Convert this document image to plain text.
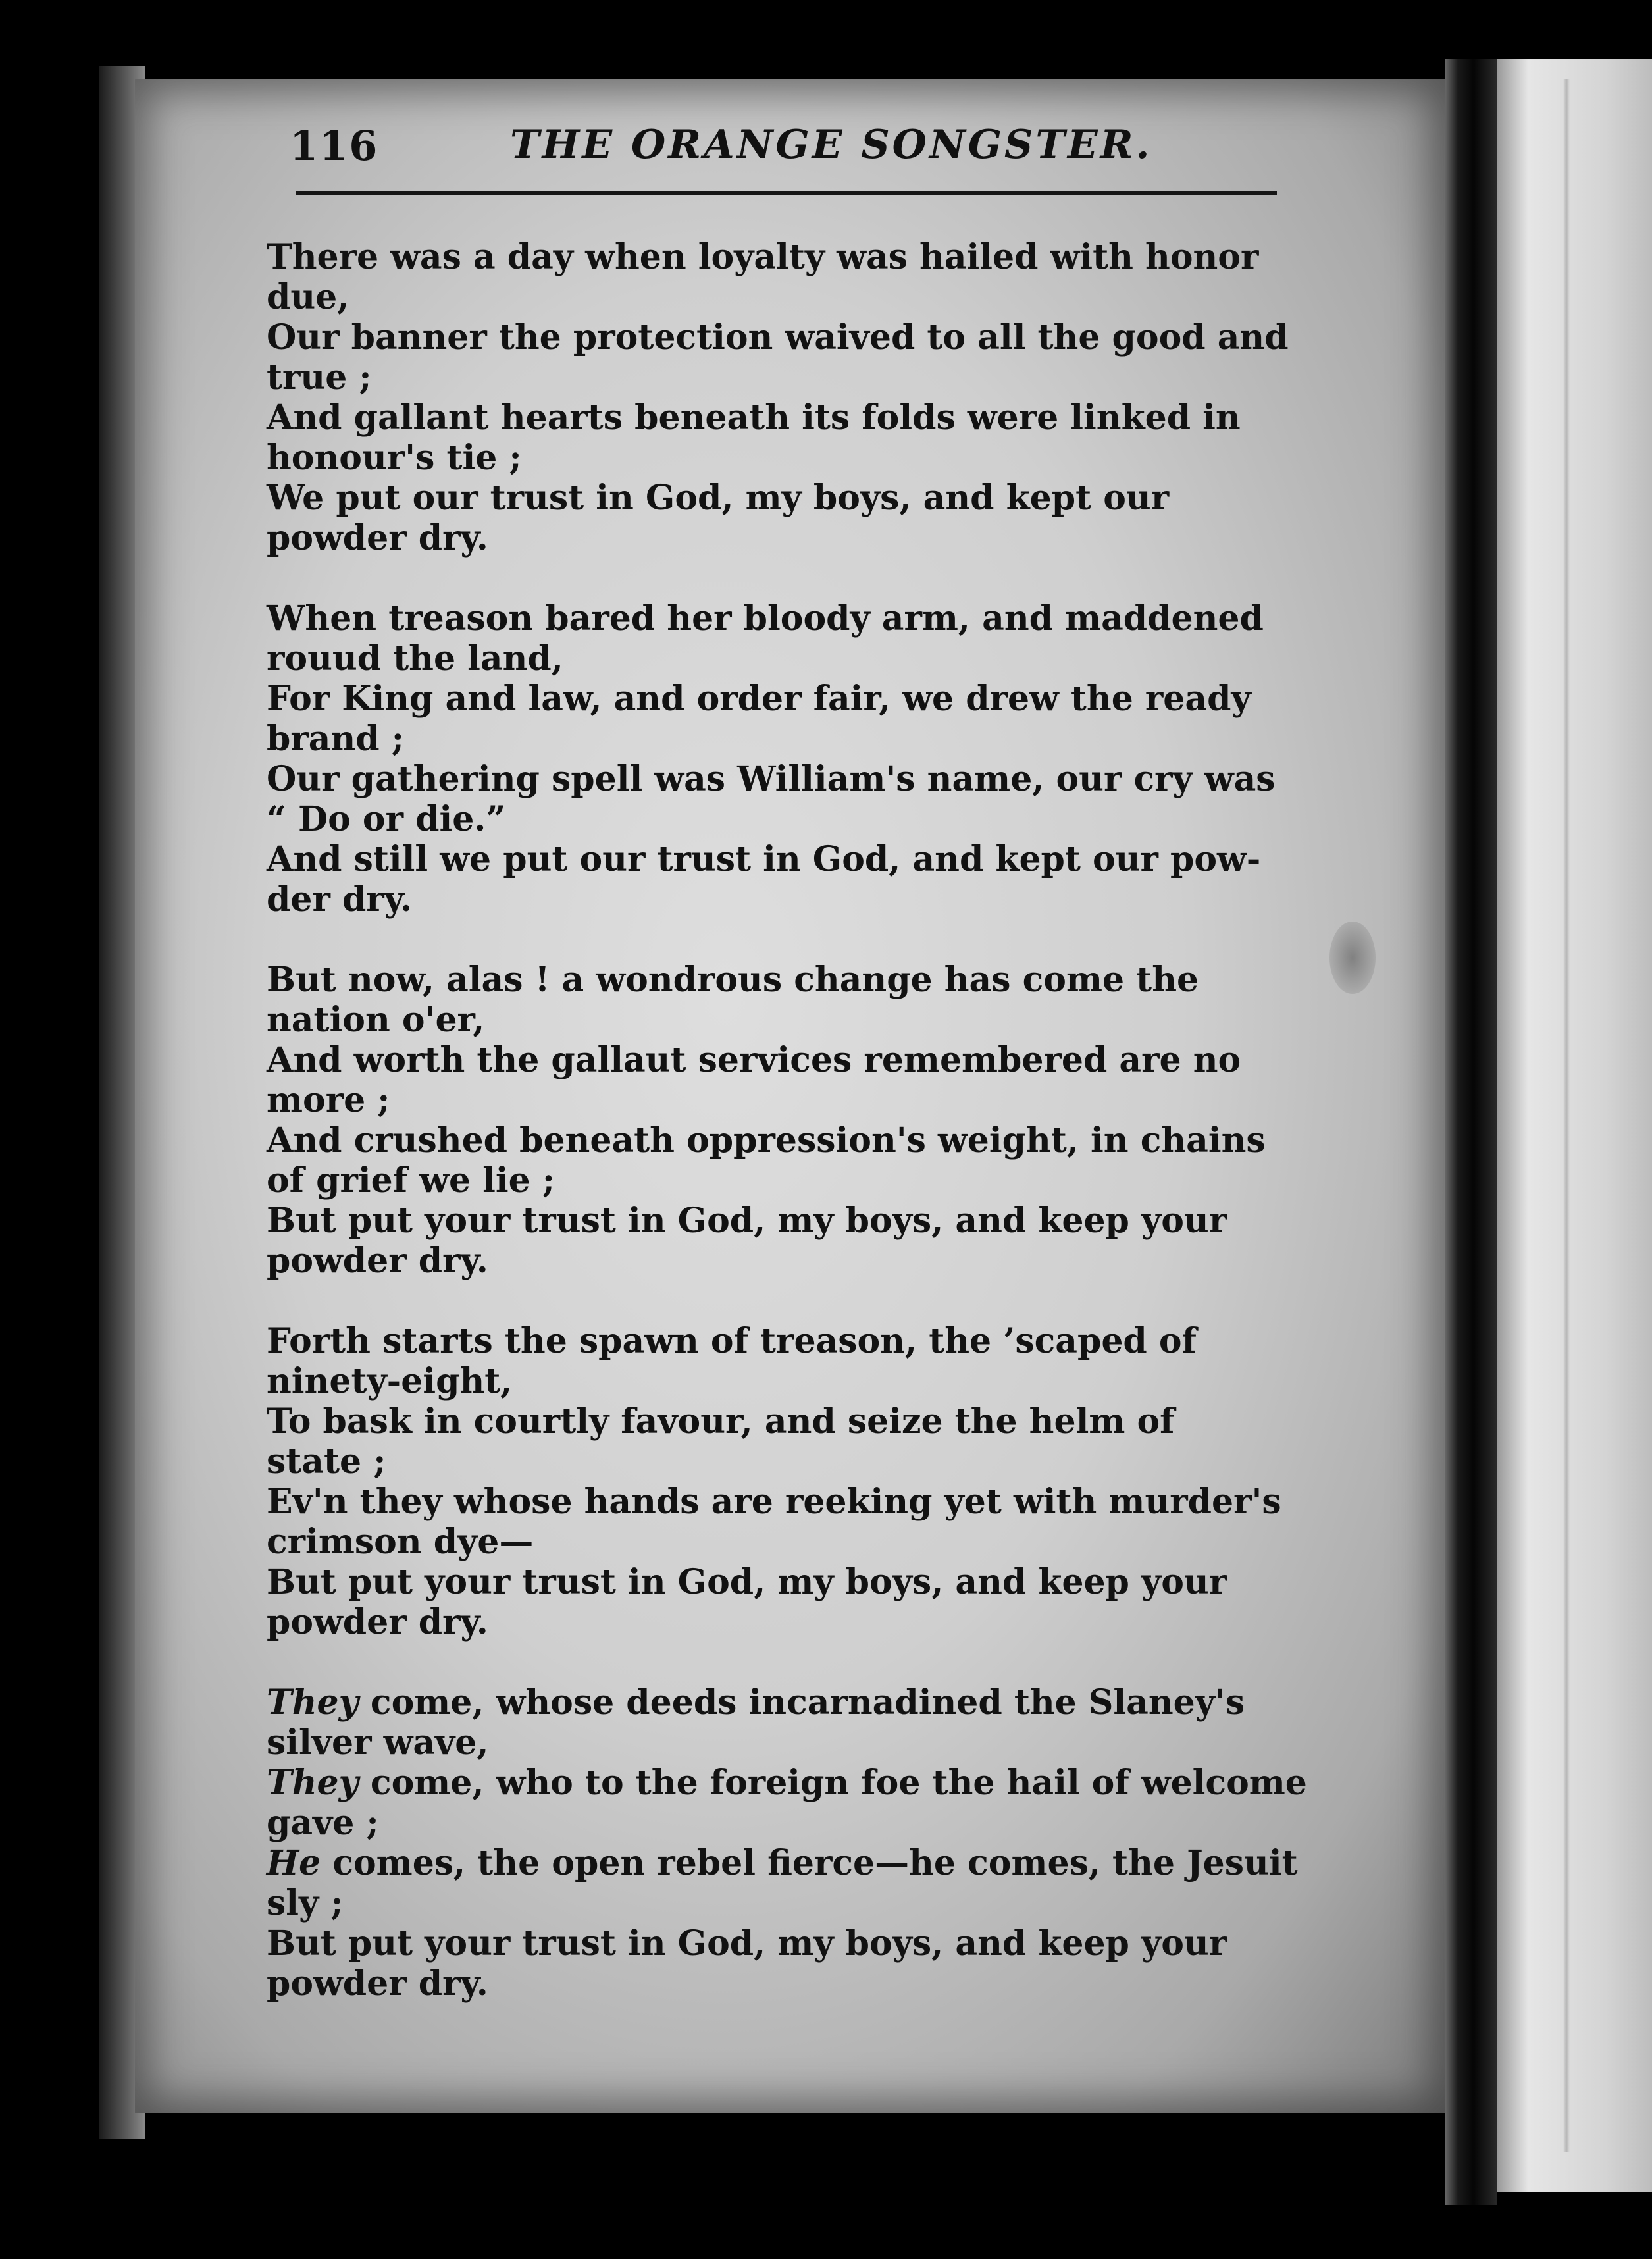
116	THE ORANGE SONGSTER.
There was a day when loyalty was hailed with honor
due,
Our banner the protection waived to all the good and
true ;
And gallant hearts beneath its folds were linked in
honour's tie ;
We put our trust in God, my boys, and kept our
powder dry.
When treason bared her bloody arm, and maddened
rouud the land,
For King and law, and order fair, we drew the ready
brand ;
Our gathering spell was William's name, our cry was
“ Do or die.”
And still we put our trust in God, and kept our pow-
der dry.
But now, alas ! a wondrous change has come the
nation o'er,
And worth the gallaut services remembered are no
more ;
And crushed beneath oppression's weight, in chains
of grief we lie ;
But put your trust in God, my boys, and keep your
powder dry.
Forth starts the spawn of treason, the ’scaped of
ninety-eight,
To bask in courtly favour, and seize the helm of
state ;
Ev'n they whose hands are reeking yet with murder's
crimson dye—
But put your trust in God, my boys, and keep your
powder dry.
They come, whose deeds incarnadined the Slaney's
silver wave,
They come, who to the foreign foe the hail of welcome
gave ;
He comes, the open rebel fierce—he comes, the Jesuit
sly ;
But put your trust in God, my boys, and keep your
powder dry.
